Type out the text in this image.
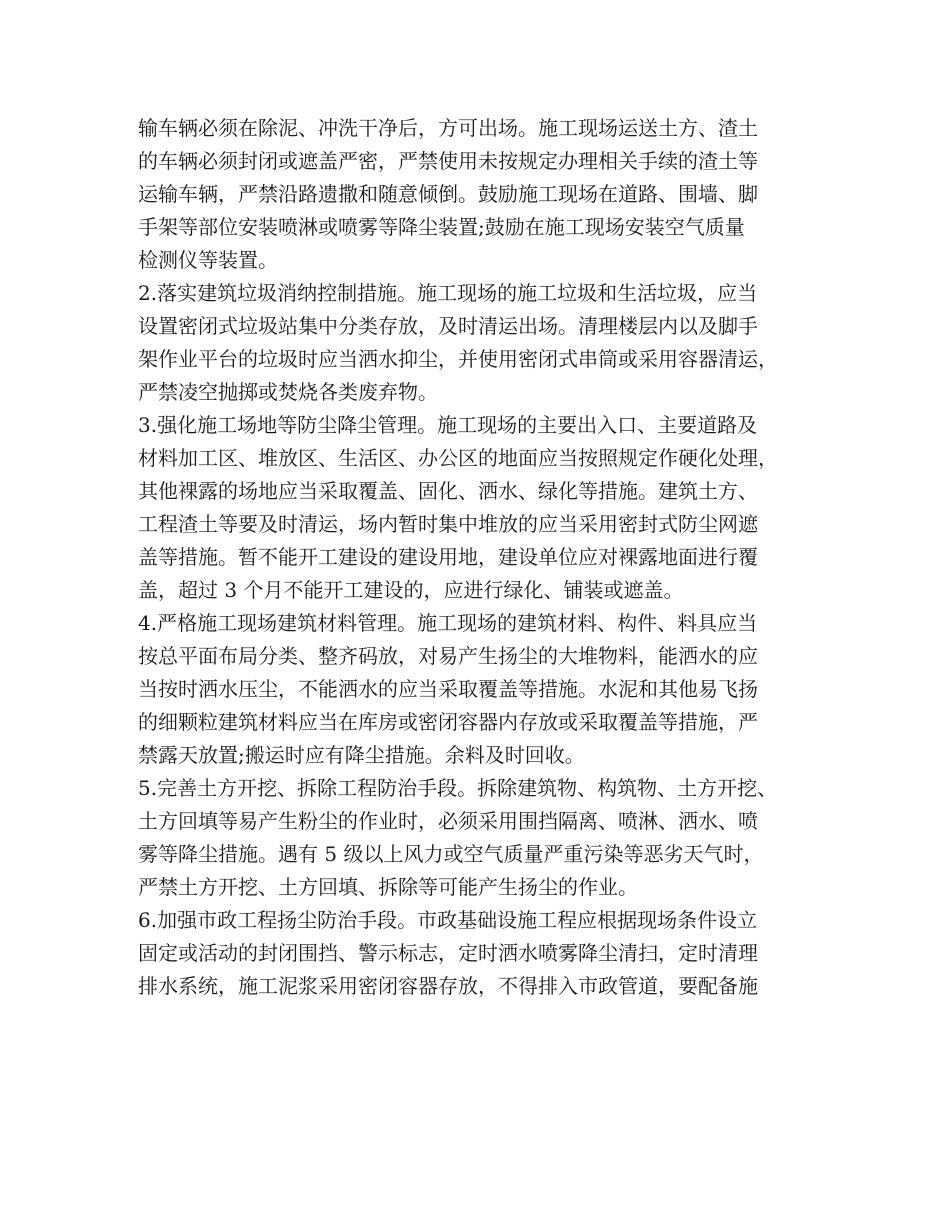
输车辆必须在除泥、冲洗干净后，方可出场。施工现场运送土方、渣土
的车辆必须封闭或遮盖严密，严禁使用未按规定办理相关手续的渣土等
运输车辆，严禁沿路遗撒和随意倾倒。鼓励施工现场在道路、围墙、脚
手架等部位安装喷淋或喷雾等降尘装置;鼓励在施工现场安装空气质量
检测仪等装置。
2.落实建筑垃圾消纳控制措施。施工现场的施工垃圾和生活垃圾，应当
设置密闭式垃圾站集中分类存放，及时清运出场。清理楼层内以及脚手
架作业平台的垃圾时应当洒水抑尘，并使用密闭式串筒或采用容器清运，
严禁凌空抛掷或焚烧各类废弃物。
3.强化施工场地等防尘降尘管理。施工现场的主要出入口、主要道路及
材料加工区、堆放区、生活区、办公区的地面应当按照规定作硬化处理，
其他裸露的场地应当采取覆盖、固化、洒水、绿化等措施。建筑土方、
工程渣土等要及时清运，场内暂时集中堆放的应当采用密封式防尘网遮
盖等措施。暂不能开工建设的建设用地，建设单位应对裸露地面进行覆
盖，超过 3 个月不能开工建设的，应进行绿化、铺装或遮盖。
4.严格施工现场建筑材料管理。施工现场的建筑材料、构件、料具应当
按总平面布局分类、整齐码放，对易产生扬尘的大堆物料，能洒水的应
当按时洒水压尘，不能洒水的应当采取覆盖等措施。水泥和其他易飞扬
的细颗粒建筑材料应当在库房或密闭容器内存放或采取覆盖等措施，严
禁露天放置;搬运时应有降尘措施。余料及时回收。
5.完善土方开挖、拆除工程防治手段。拆除建筑物、构筑物、土方开挖、
土方回填等易产生粉尘的作业时，必须采用围挡隔离、喷淋、洒水、喷
雾等降尘措施。遇有 5 级以上风力或空气质量严重污染等恶劣天气时，
严禁土方开挖、土方回填、拆除等可能产生扬尘的作业。
6.加强市政工程扬尘防治手段。市政基础设施工程应根据现场条件设立
固定或活动的封闭围挡、警示标志，定时洒水喷雾降尘清扫，定时清理
排水系统，施工泥浆采用密闭容器存放，不得排入市政管道，要配备施
